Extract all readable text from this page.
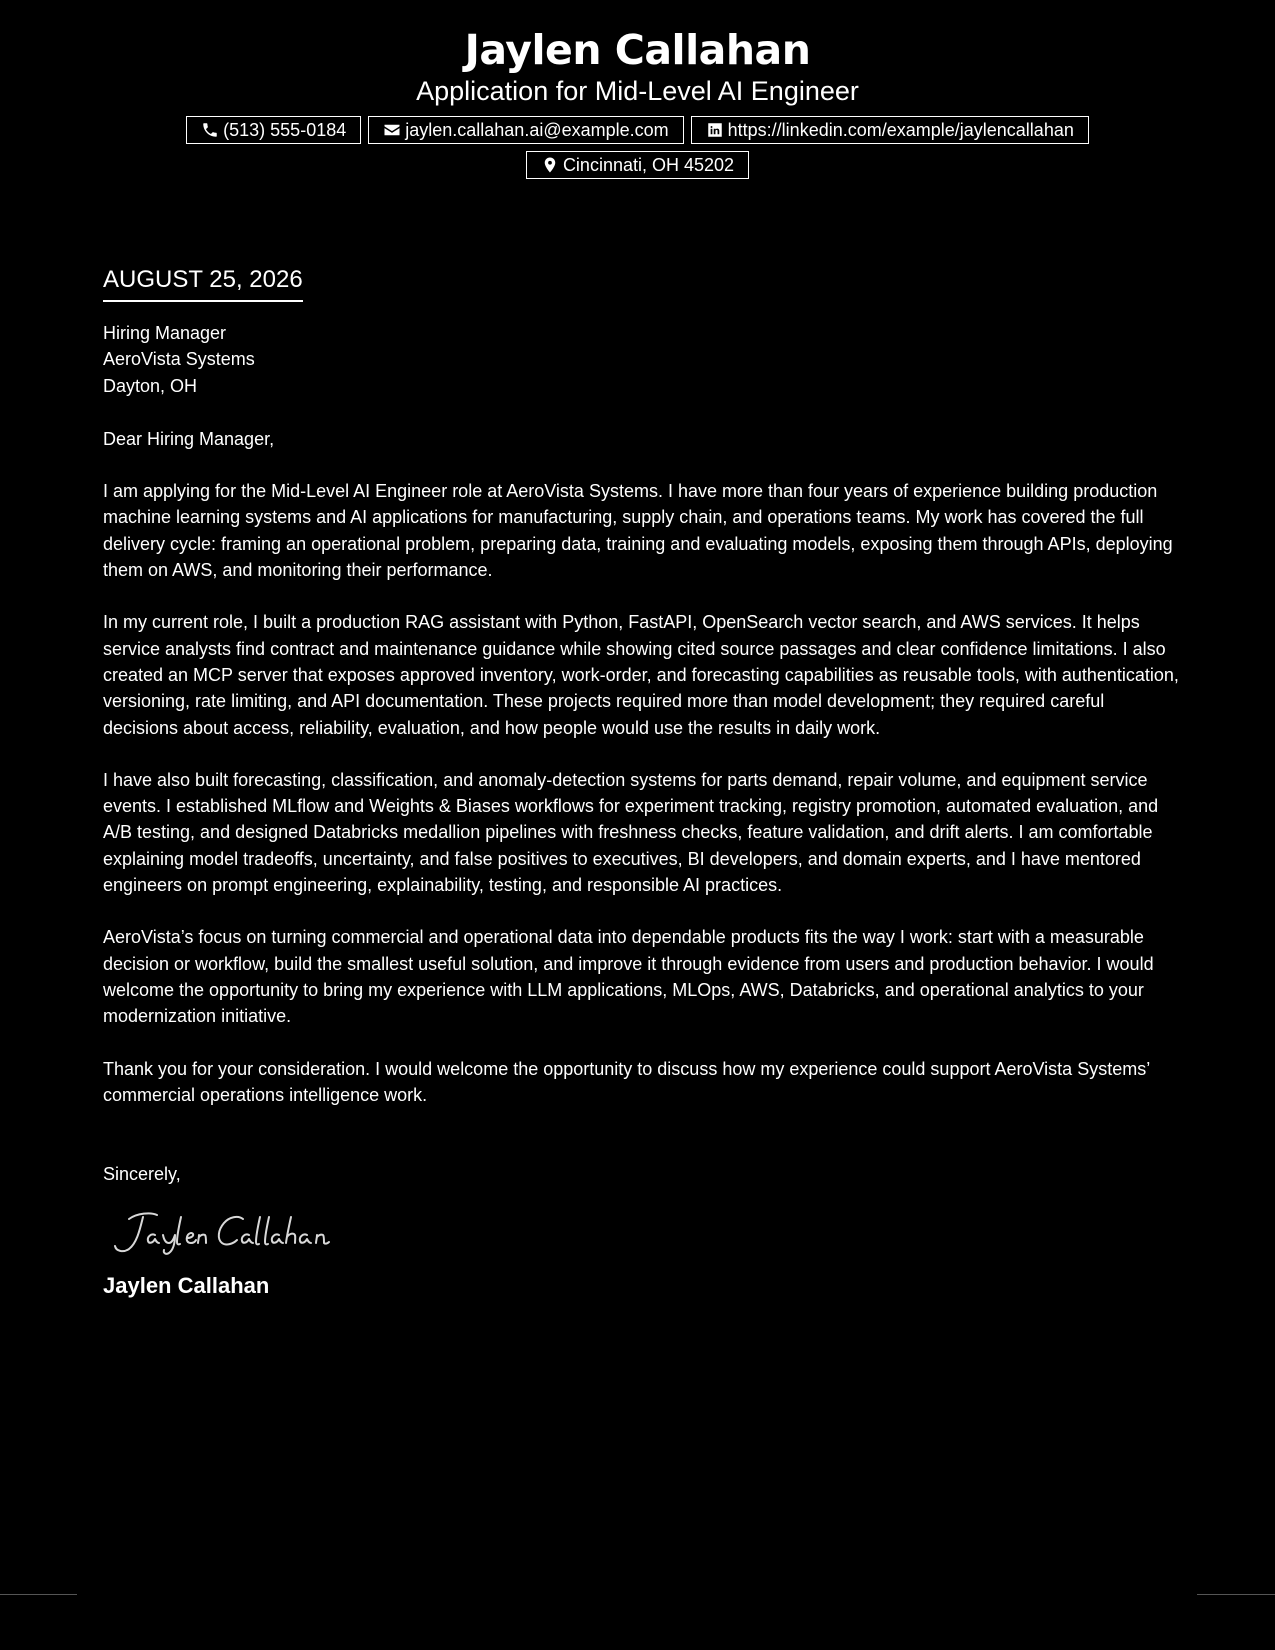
Jaylen Callahan
Application for Mid-Level AI Engineer
(513) 555-0184	jaylen.callahan.ai@example.com	https://linkedin.com/example/jaylencallahan
Cincinnati, OH 45202
AUGUST 25, 2026
Hiring Manager
AeroVista Systems
Dayton, OH
Dear Hiring Manager,
I am applying for the Mid-Level AI Engineer role at AeroVista Systems. I have more than four years of experience building production machine learning systems and AI applications for manufacturing, supply chain, and operations teams. My work has covered the full delivery cycle: framing an operational problem, preparing data, training and evaluating models, exposing them through APIs, deploying them on AWS, and monitoring their performance.
In my current role, I built a production RAG assistant with Python, FastAPI, OpenSearch vector search, and AWS services. It helps service analysts find contract and maintenance guidance while showing cited source passages and clear confidence limitations. I also created an MCP server that exposes approved inventory, work-order, and forecasting capabilities as reusable tools, with authentication, versioning, rate limiting, and API documentation. These projects required more than model development; they required careful decisions about access, reliability, evaluation, and how people would use the results in daily work.
I have also built forecasting, classification, and anomaly-detection systems for parts demand, repair volume, and equipment service events. I established MLflow and Weights & Biases workflows for experiment tracking, registry promotion, automated evaluation, and A/B testing, and designed Databricks medallion pipelines with freshness checks, feature validation, and drift alerts. I am comfortable explaining model tradeoffs, uncertainty, and false positives to executives, BI developers, and domain experts, and I have mentored engineers on prompt engineering, explainability, testing, and responsible AI practices.
AeroVista’s focus on turning commercial and operational data into dependable products fits the way I work: start with a measurable decision or workflow, build the smallest useful solution, and improve it through evidence from users and production behavior. I would welcome the opportunity to bring my experience with LLM applications, MLOps, AWS, Databricks, and operational analytics to your modernization initiative.
Thank you for your consideration. I would welcome the opportunity to discuss how my experience could support AeroVista Systems’ commercial operations intelligence work.
Sincerely,
Jaylen Callahan
